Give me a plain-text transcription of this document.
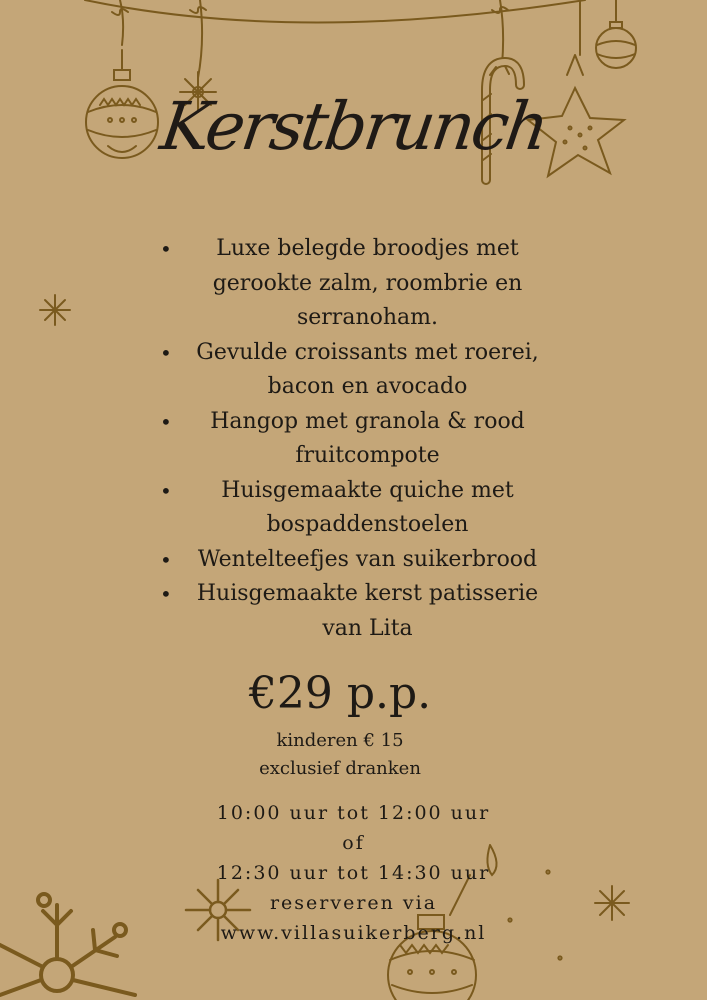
Kerstbrunch
• Luxe belegde broodjes met gerookte zalm, roombrie en serranoham.
• Gevulde croissants met roerei, bacon en avocado
• Hangop met granola & rood fruitcompote
• Huisgemaakte quiche met bospaddenstoelen
• Wentelteefjes van suikerbrood
• Huisgemaakte kerst patisserie van Lita
€29 p.p.
kinderen € 15
exclusief dranken
10:00 uur tot 12:00 uur
of
12:30 uur tot 14:30 uur
reserveren via
www.villasuikerberg.nl
